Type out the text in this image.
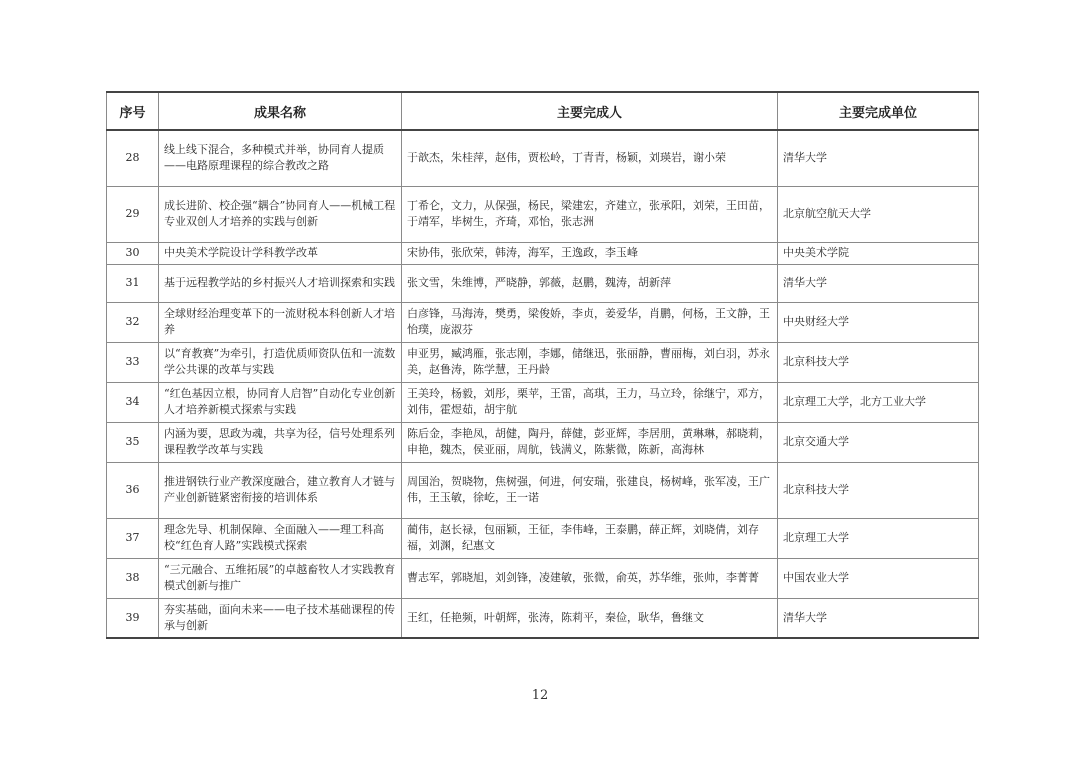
序号	成果名称	主要完成人	主要完成单位
28	线上线下混合，多种模式并举，协同育人提质——电路原理课程的综合教改之路	于歆杰，朱桂萍，赵伟，贾松岭，丁青青，杨颖，刘瑛岩，谢小荣	清华大学
29	成长进阶、校企强“耦合”协同育人——机械工程专业双创人才培养的实践与创新	丁希仑，文力，从保强，杨民，梁建宏，齐建立，张承阳，刘荣，王田苗，于靖军，毕树生，齐琦，邓怡，张志洲	北京航空航天大学
30	中央美术学院设计学科教学改革	宋协伟，张欣荣，韩涛，海军，王逸政，李玉峰	中央美术学院
31	基于远程教学站的乡村振兴人才培训探索和实践	张文雪，朱维博，严晓静，郭薇，赵鹏，魏涛，胡新萍	清华大学
32	全球财经治理变革下的一流财税本科创新人才培养	白彦锋，马海涛，樊勇，梁俊娇，李贞，姜爱华，肖鹏，何杨，王文静，王怡璞，庞淑芬	中央财经大学
33	以“育教赛”为牵引，打造优质师资队伍和一流数学公共课的改革与实践	申亚男，臧鸿雁，张志刚，李娜，储继迅，张丽静，曹丽梅，刘白羽，苏永美，赵鲁涛，陈学慧，王丹龄	北京科技大学
34	“红色基因立根，协同育人启智”自动化专业创新人才培养新模式探索与实践	王美玲，杨毅，刘彤，栗苹，王雷，高琪，王力，马立玲，徐继宁，邓方，刘伟，霍煜茹，胡宇航	北京理工大学，北方工业大学
35	内涵为要，思政为魂，共享为径，信号处理系列课程教学改革与实践	陈后金，李艳凤，胡健，陶丹，薛健，彭亚辉，李居朋，黄琳琳，郝晓莉，申艳，魏杰，侯亚丽，周航，钱满义，陈紫微，陈新，高海林	北京交通大学
36	推进钢铁行业产教深度融合，建立教育人才链与产业创新链紧密衔接的培训体系	周国治，贺晓物，焦树强，何进，何安瑞，张建良，杨树峰，张军凌，王广伟，王玉敏，徐屹，王一诺	北京科技大学
37	理念先导、机制保障、全面融入——理工科高校“红色育人路”实践模式探索	蔺伟，赵长禄，包丽颖，王征，李伟峰，王泰鹏，薛正辉，刘晓倩，刘存福，刘渊，纪惠文	北京理工大学
38	“三元融合、五维拓展”的卓越畜牧人才实践教育模式创新与推广	曹志军，郭晓旭，刘剑锋，凌建敏，张微，俞英，苏华维，张帅，李菁菁	中国农业大学
39	夯实基础，面向未来——电子技术基础课程的传承与创新	王红，任艳频，叶朝辉，张涛，陈莉平，秦俭，耿华，鲁继文	清华大学
12
